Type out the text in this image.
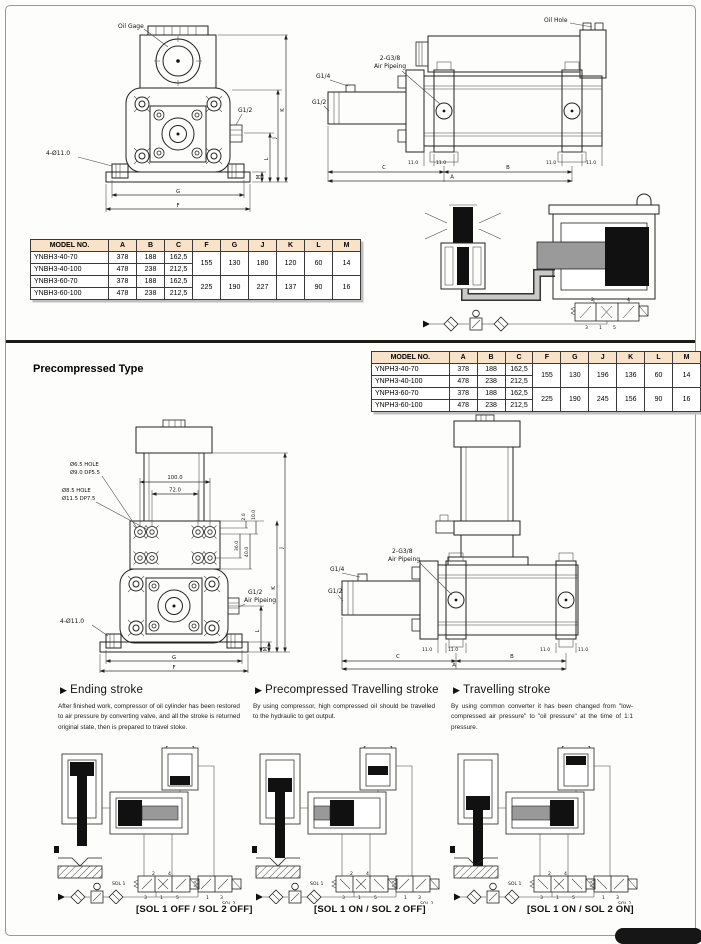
Oil Gage
G1/2
4-Ø11.0
K
J
L
M
G
F
Oil Hole
2-G3/8
Air Pipeing
G1/4
G1/2
11.0	11.0	11.0	11.0
C	B
A
2	4
3 1 5
MODEL NO.	A	B	C	F	G	J	K	L	M
YNBH3-40-70	378	188	162,5	155	130	180	120	60	14
YNBH3-40-100	478	238	212,5						
YNBH3-60-70	378	188	162,5	225	190	227	137	90	16
YNBH3-60-100	478	238	212,5						
Precompressed Type
MODEL NO.	A	B	C	F	G	J	K	L	M
YNPH3-40-70	378	188	162,5	155	130	196	136	60	14
YNPH3-40-100	478	238	212,5						
YNPH3-60-70	378	188	162,5	225	190	245	156	90	16
YNPH3-60-100	478	238	212,5						
100.0
72.0
2.0 10.0
36.0
40.0
Ø6.5 HOLE
Ø9.0 DP5.5
Ø8.5 HOLE
Ø11.5 DP7.5
G1/2
Air Pipeing
4-Ø11.0
L
M
K
J
G
F
G1/4
G1/2
2-G3/8
Air Pipeing
11.0	11.0	11.0	11.0
C	B
A
▶ Ending stroke
After finished work, compressor of oil cylinder has been restored to air pressure by converting valve, and all the stroke is returned original state, then is prepared to travel stoke.
▶ Precompressed Travelling stroke
By using compressor, high compressed oil should be travelled to the hydraulic to get output.
▶ Travelling stroke
By using common converter it has been changed from "low-compressed air pressure" to "oil pressure" at the time of 1:1 pressure.
SOL 1
2	4
3	1	5	1 3
[SOL 1 OFF / SOL 2 OFF]
SOL 1
2	4
3	1	5	1 3
[SOL 1 ON / SOL 2 OFF]
SOL 1
2	4
3	1	5	1 3
[SOL 1 ON / SOL 2 ON]
